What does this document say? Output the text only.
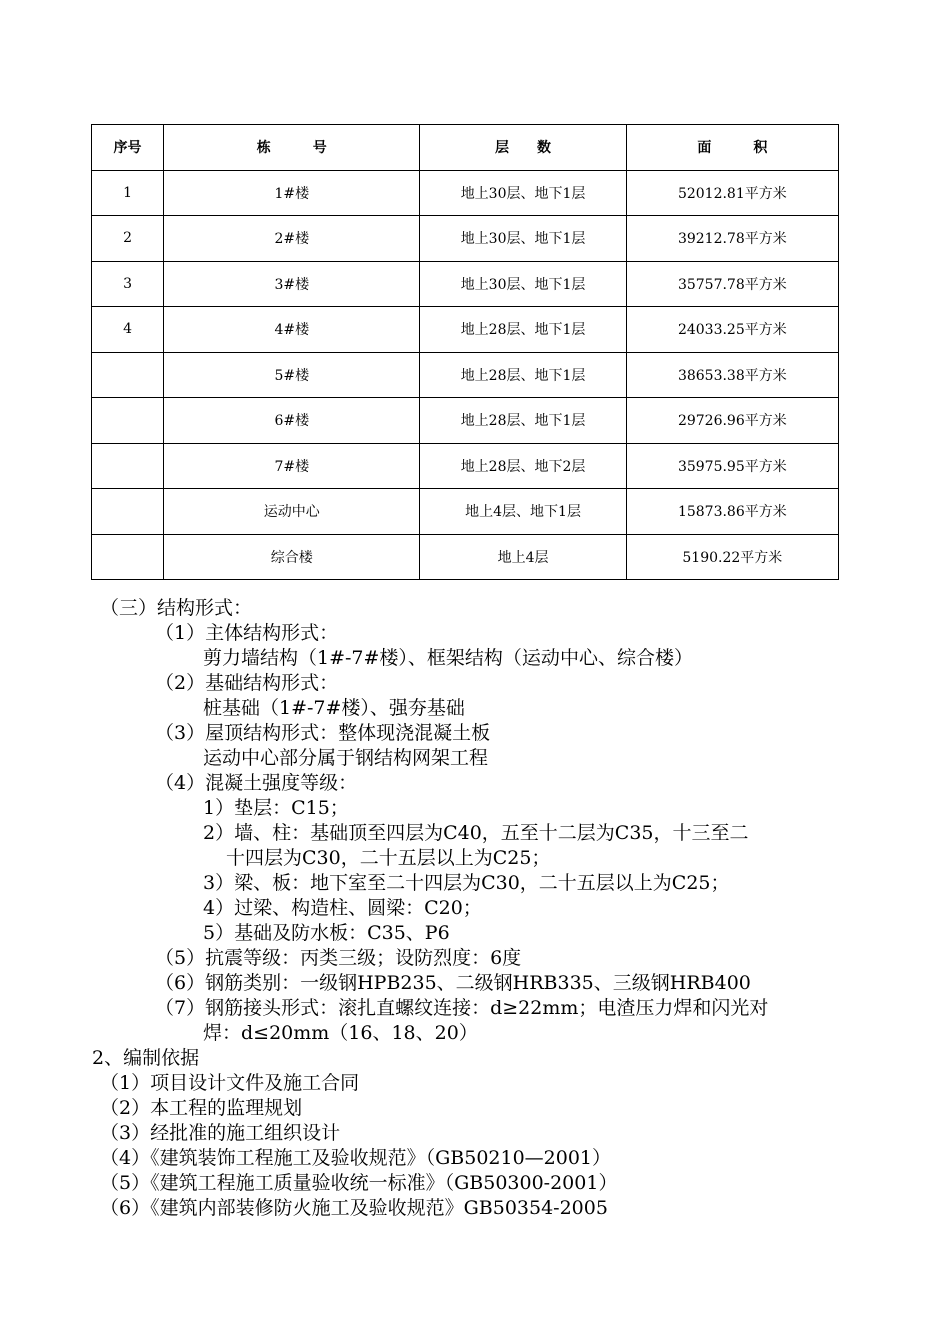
序号	栋　　　号	层　　数	面　　　积
1	1#楼	地上30层、地下1层	52012.81平方米
2	2#楼	地上30层、地下1层	39212.78平方米
3	3#楼	地上30层、地下1层	35757.78平方米
4	4#楼	地上28层、地下1层	24033.25平方米
	5#楼	地上28层、地下1层	38653.38平方米
	6#楼	地上28层、地下1层	29726.96平方米
	7#楼	地上28层、地下2层	35975.95平方米
	运动中心	地上4层、地下1层	15873.86平方米
	综合楼	地上4层	5190.22平方米
（三）结构形式：
（1）主体结构形式：
剪力墙结构（1#-7#楼）、框架结构（运动中心、综合楼）
（2）基础结构形式：
桩基础（1#-7#楼）、强夯基础
（3）屋顶结构形式：整体现浇混凝土板
运动中心部分属于钢结构网架工程
（4）混凝土强度等级：
1）垫层：C15；
2）墙、柱：基础顶至四层为C40，五至十二层为C35，十三至二
十四层为C30，二十五层以上为C25；
3）梁、板：地下室至二十四层为C30，二十五层以上为C25；
4）过梁、构造柱、圆梁：C20；
5）基础及防水板：C35、P6
（5）抗震等级：丙类三级；设防烈度：6度
（6）钢筋类别：一级钢HPB235、二级钢HRB335、三级钢HRB400
（7）钢筋接头形式：滚扎直螺纹连接：d≥22mm；电渣压力焊和闪光对
焊：d≤20mm（16、18、20）
2、编制依据
（1）项目设计文件及施工合同
（2）本工程的监理规划
（3）经批准的施工组织设计
（4）《建筑装饰工程施工及验收规范》（GB50210—2001）
（5）《建筑工程施工质量验收统一标准》（GB50300-2001）
（6）《建筑内部装修防火施工及验收规范》GB50354-2005
